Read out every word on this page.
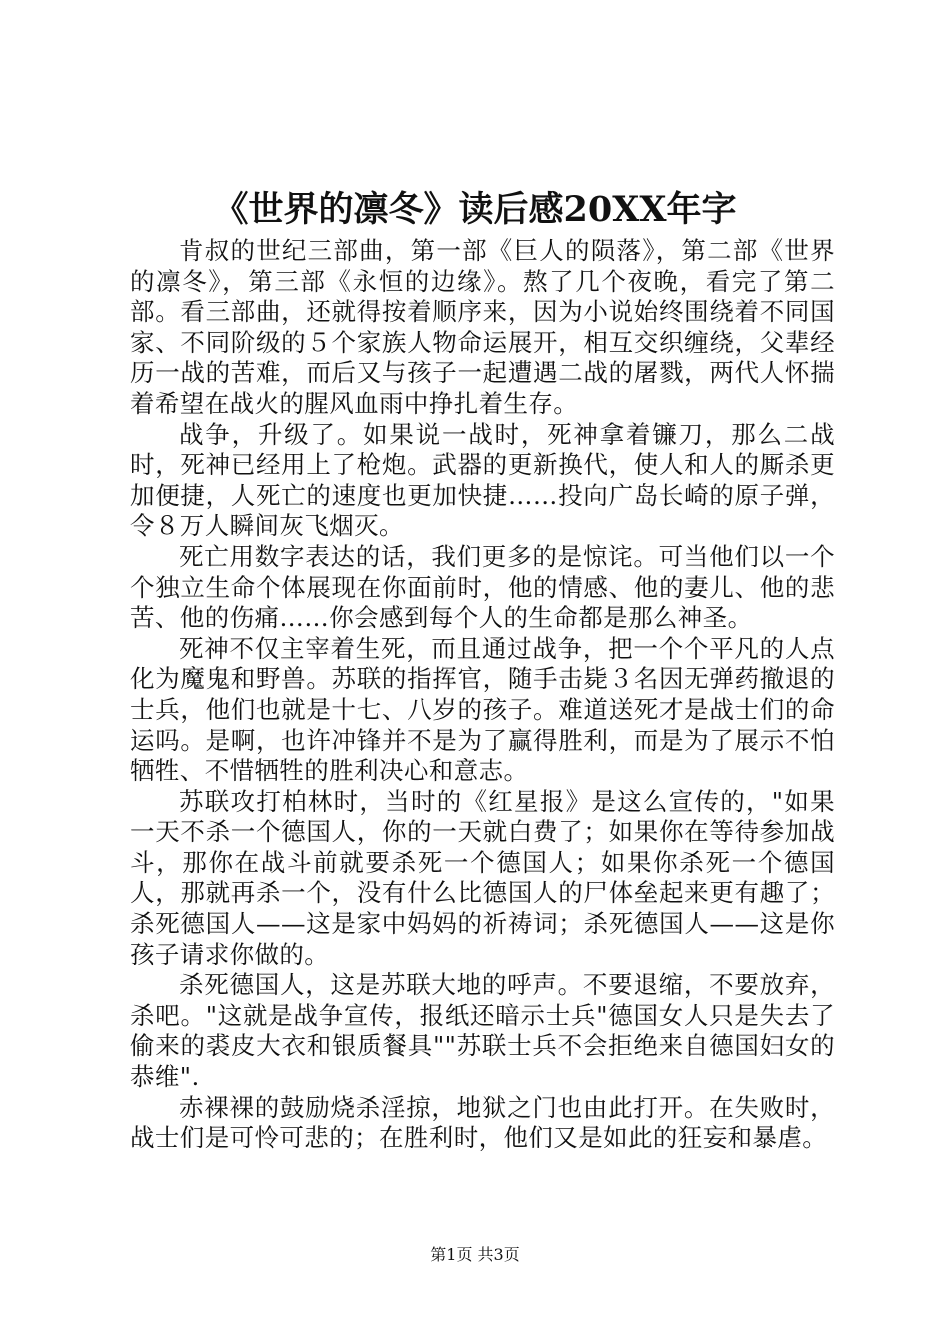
《世界的凛冬》读后感20XX年字

肯叔的世纪三部曲，第一部《巨人的陨落》，第二部《世界的凛冬》，第三部《永恒的边缘》。熬了几个夜晚，看完了第二部。看三部曲，还就得按着顺序来，因为小说始终围绕着不同国家、不同阶级的５个家族人物命运展开，相互交织缠绕，父辈经历一战的苦难，而后又与孩子一起遭遇二战的屠戮，两代人怀揣着希望在战火的腥风血雨中挣扎着生存。

战争，升级了。如果说一战时，死神拿着镰刀，那么二战时，死神已经用上了枪炮。武器的更新换代，使人和人的厮杀更加便捷，人死亡的速度也更加快捷……投向广岛长崎的原子弹，令８万人瞬间灰飞烟灭。

死亡用数字表达的话，我们更多的是惊诧。可当他们以一个个独立生命个体展现在你面前时，他的情感、他的妻儿、他的悲苦、他的伤痛……你会感到每个人的生命都是那么神圣。

死神不仅主宰着生死，而且通过战争，把一个个平凡的人点化为魔鬼和野兽。苏联的指挥官，随手击毙３名因无弹药撤退的士兵，他们也就是十七、八岁的孩子。难道送死才是战士们的命运吗。是啊，也许冲锋并不是为了赢得胜利，而是为了展示不怕牺牲、不惜牺牲的胜利决心和意志。

苏联攻打柏林时，当时的《红星报》是这么宣传的，"如果一天不杀一个德国人，你的一天就白费了；如果你在等待参加战斗，那你在战斗前就要杀死一个德国人；如果你杀死一个德国人，那就再杀一个，没有什么比德国人的尸体垒起来更有趣了；杀死德国人——这是家中妈妈的祈祷词；杀死德国人——这是你孩子请求你做的。

杀死德国人，这是苏联大地的呼声。不要退缩，不要放弃，杀吧。"这就是战争宣传，报纸还暗示士兵"德国女人只是失去了偷来的裘皮大衣和银质餐具""苏联士兵不会拒绝来自德国妇女的恭维".

赤裸裸的鼓励烧杀淫掠，地狱之门也由此打开。在失败时，战士们是可怜可悲的；在胜利时，他们又是如此的狂妄和暴虐。

第1页 共3页
